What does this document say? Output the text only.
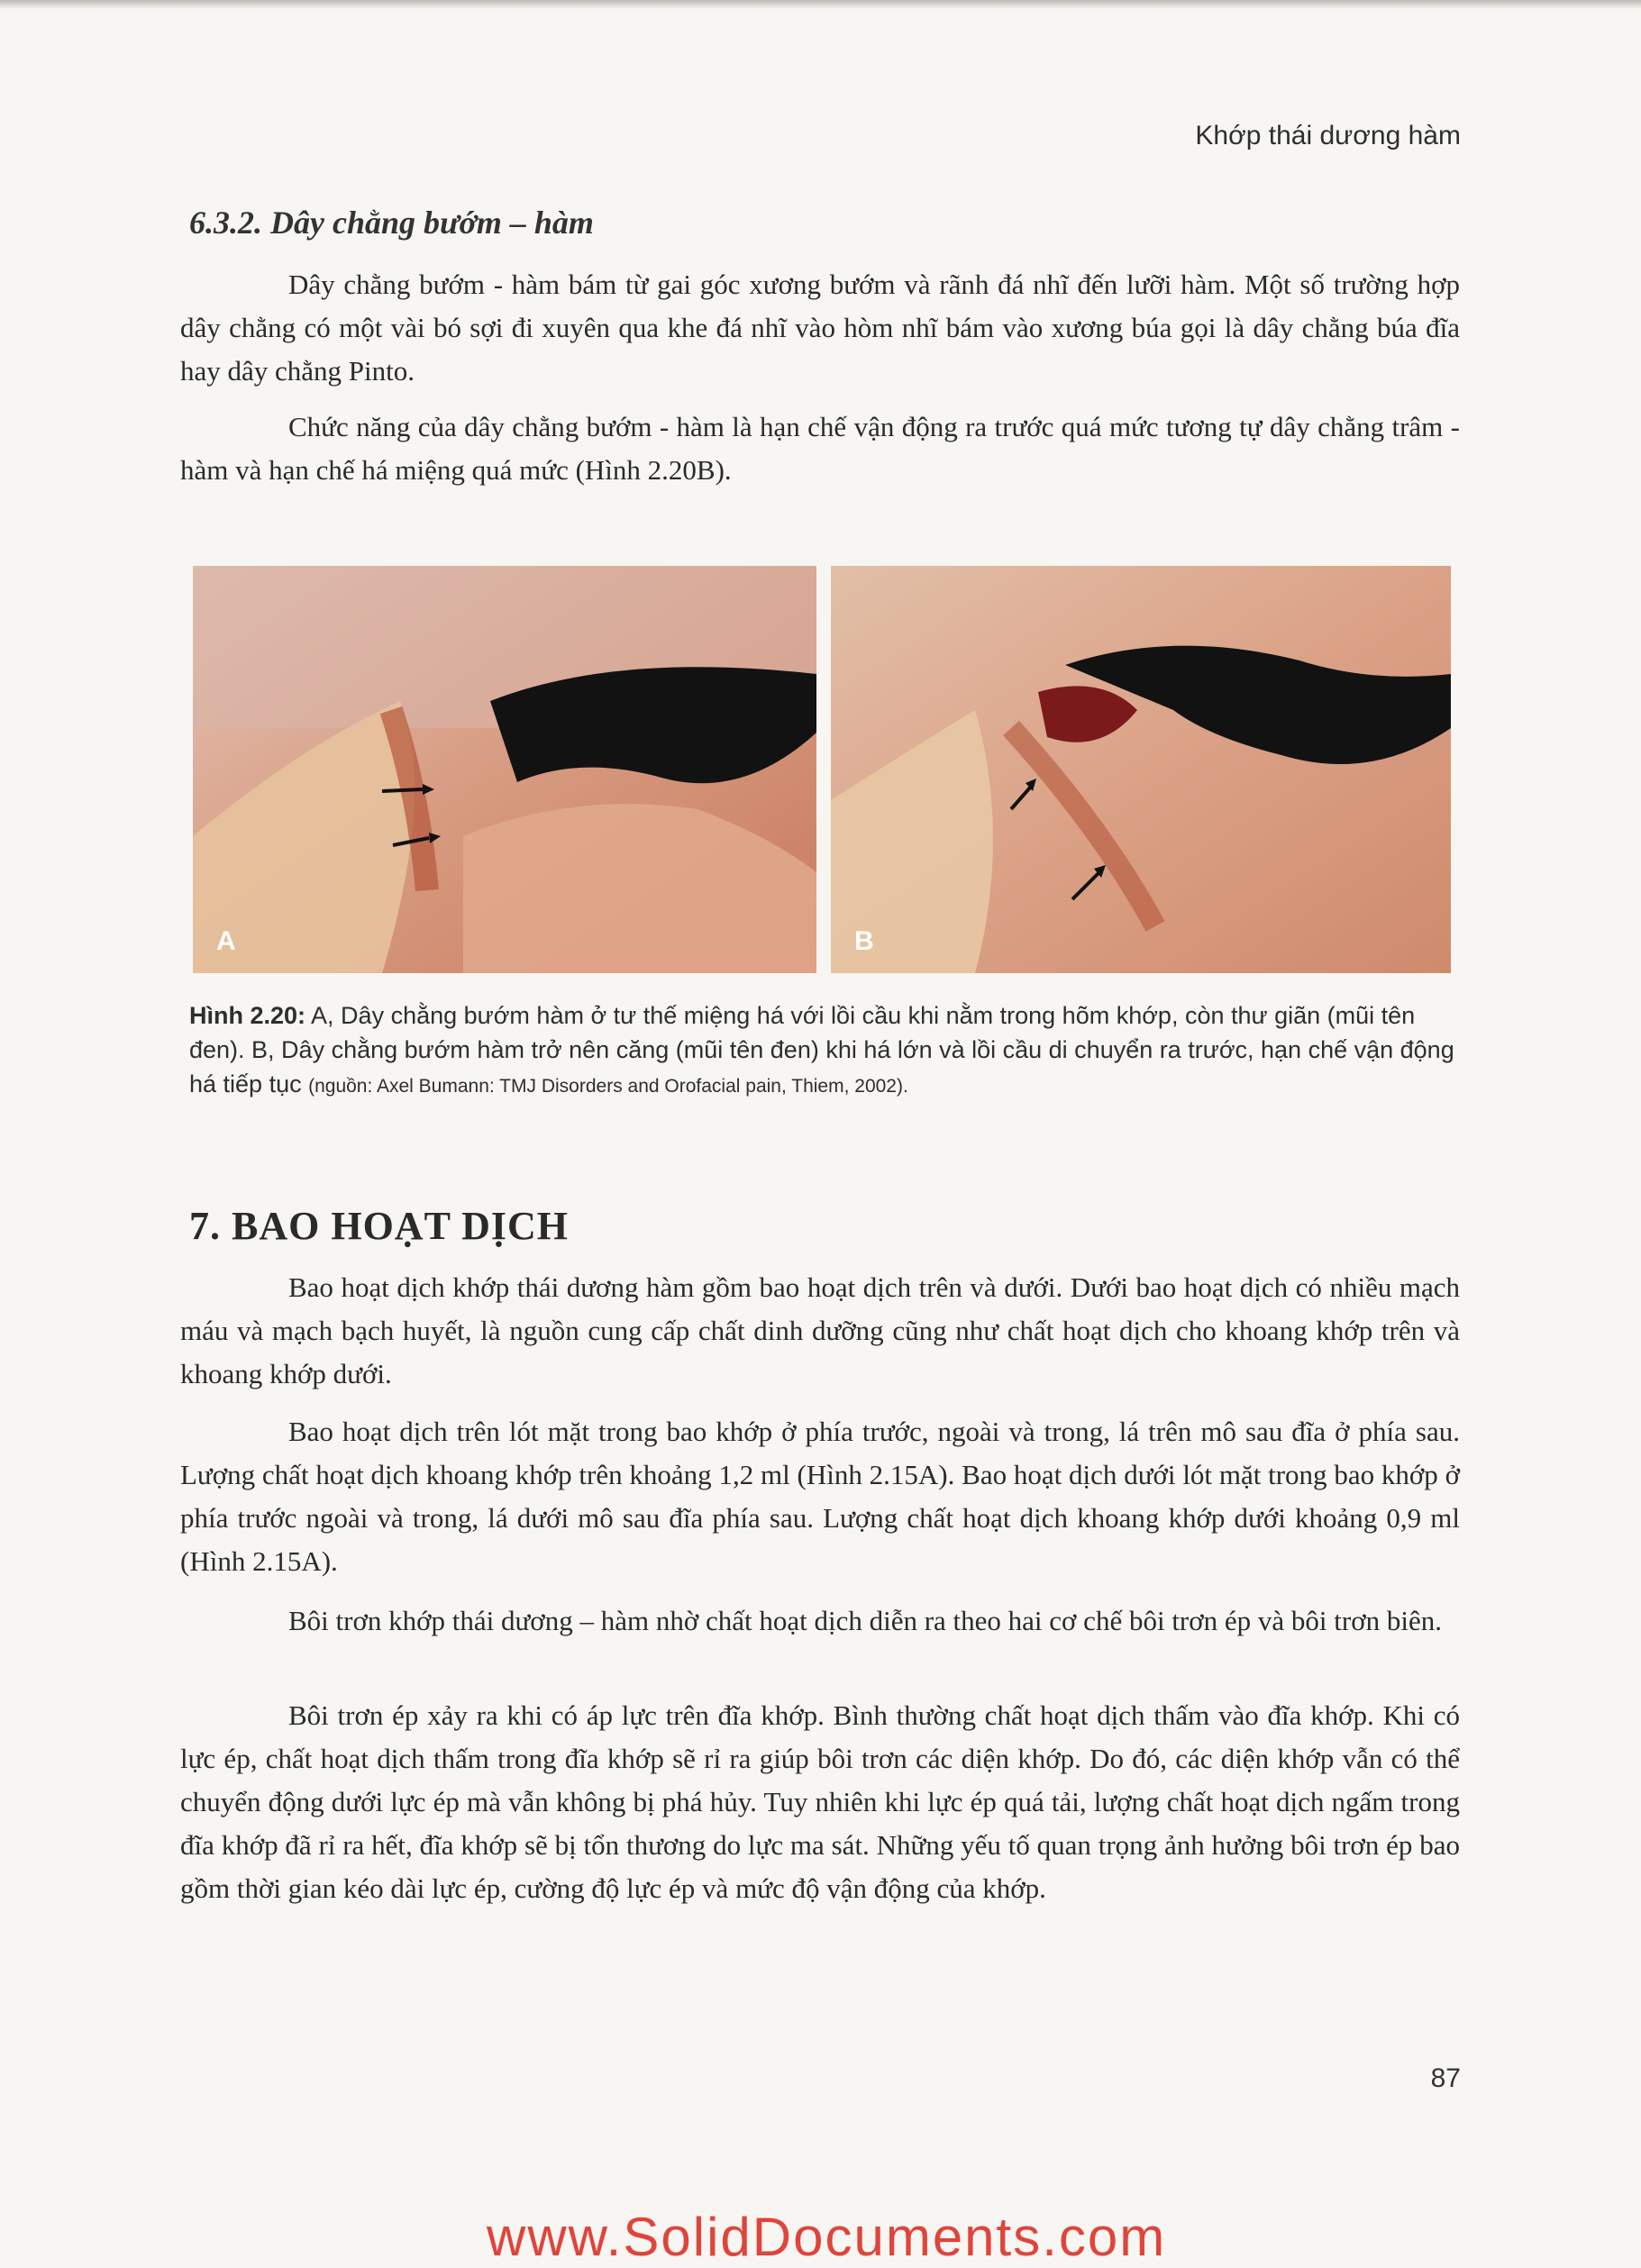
Khớp thái dương hàm
6.3.2. Dây chằng bướm – hàm

Dây chằng bướm - hàm bám từ gai góc xương bướm và rãnh đá nhĩ đến lưỡi hàm. Một số trường hợp dây chằng có một vài bó sợi đi xuyên qua khe đá nhĩ vào hòm nhĩ bám vào xương búa gọi là dây chằng búa đĩa hay dây chằng Pinto.

Chức năng của dây chằng bướm - hàm là hạn chế vận động ra trước quá mức tương tự dây chằng trâm - hàm và hạn chế há miệng quá mức (Hình 2.20B).

A	B
Hình 2.20: A, Dây chằng bướm hàm ở tư thế miệng há với lồi cầu khi nằm trong hõm khớp, còn thư giãn (mũi tên đen). B, Dây chằng bướm hàm trở nên căng (mũi tên đen) khi há lớn và lồi cầu di chuyển ra trước, hạn chế vận động há tiếp tục (nguồn: Axel Bumann: TMJ Disorders and Orofacial pain, Thiem, 2002).
7. BAO HOẠT DỊCH

Bao hoạt dịch khớp thái dương hàm gồm bao hoạt dịch trên và dưới. Dưới bao hoạt dịch có nhiều mạch máu và mạch bạch huyết, là nguồn cung cấp chất dinh dưỡng cũng như chất hoạt dịch cho khoang khớp trên và khoang khớp dưới.

Bao hoạt dịch trên lót mặt trong bao khớp ở phía trước, ngoài và trong, lá trên mô sau đĩa ở phía sau. Lượng chất hoạt dịch khoang khớp trên khoảng 1,2 ml (Hình 2.15A). Bao hoạt dịch dưới lót mặt trong bao khớp ở phía trước ngoài và trong, lá dưới mô sau đĩa phía sau. Lượng chất hoạt dịch khoang khớp dưới khoảng 0,9 ml (Hình 2.15A).

Bôi trơn khớp thái dương – hàm nhờ chất hoạt dịch diễn ra theo hai cơ chế bôi trơn ép và bôi trơn biên.

Bôi trơn ép xảy ra khi có áp lực trên đĩa khớp. Bình thường chất hoạt dịch thấm vào đĩa khớp. Khi có lực ép, chất hoạt dịch thấm trong đĩa khớp sẽ rỉ ra giúp bôi trơn các diện khớp. Do đó, các diện khớp vẫn có thể chuyển động dưới lực ép mà vẫn không bị phá hủy. Tuy nhiên khi lực ép quá tải, lượng chất hoạt dịch ngấm trong đĩa khớp đã rỉ ra hết, đĩa khớp sẽ bị tổn thương do lực ma sát. Những yếu tố quan trọng ảnh hưởng bôi trơn ép bao gồm thời gian kéo dài lực ép, cường độ lực ép và mức độ vận động của khớp.

87
www.SolidDocuments.com
